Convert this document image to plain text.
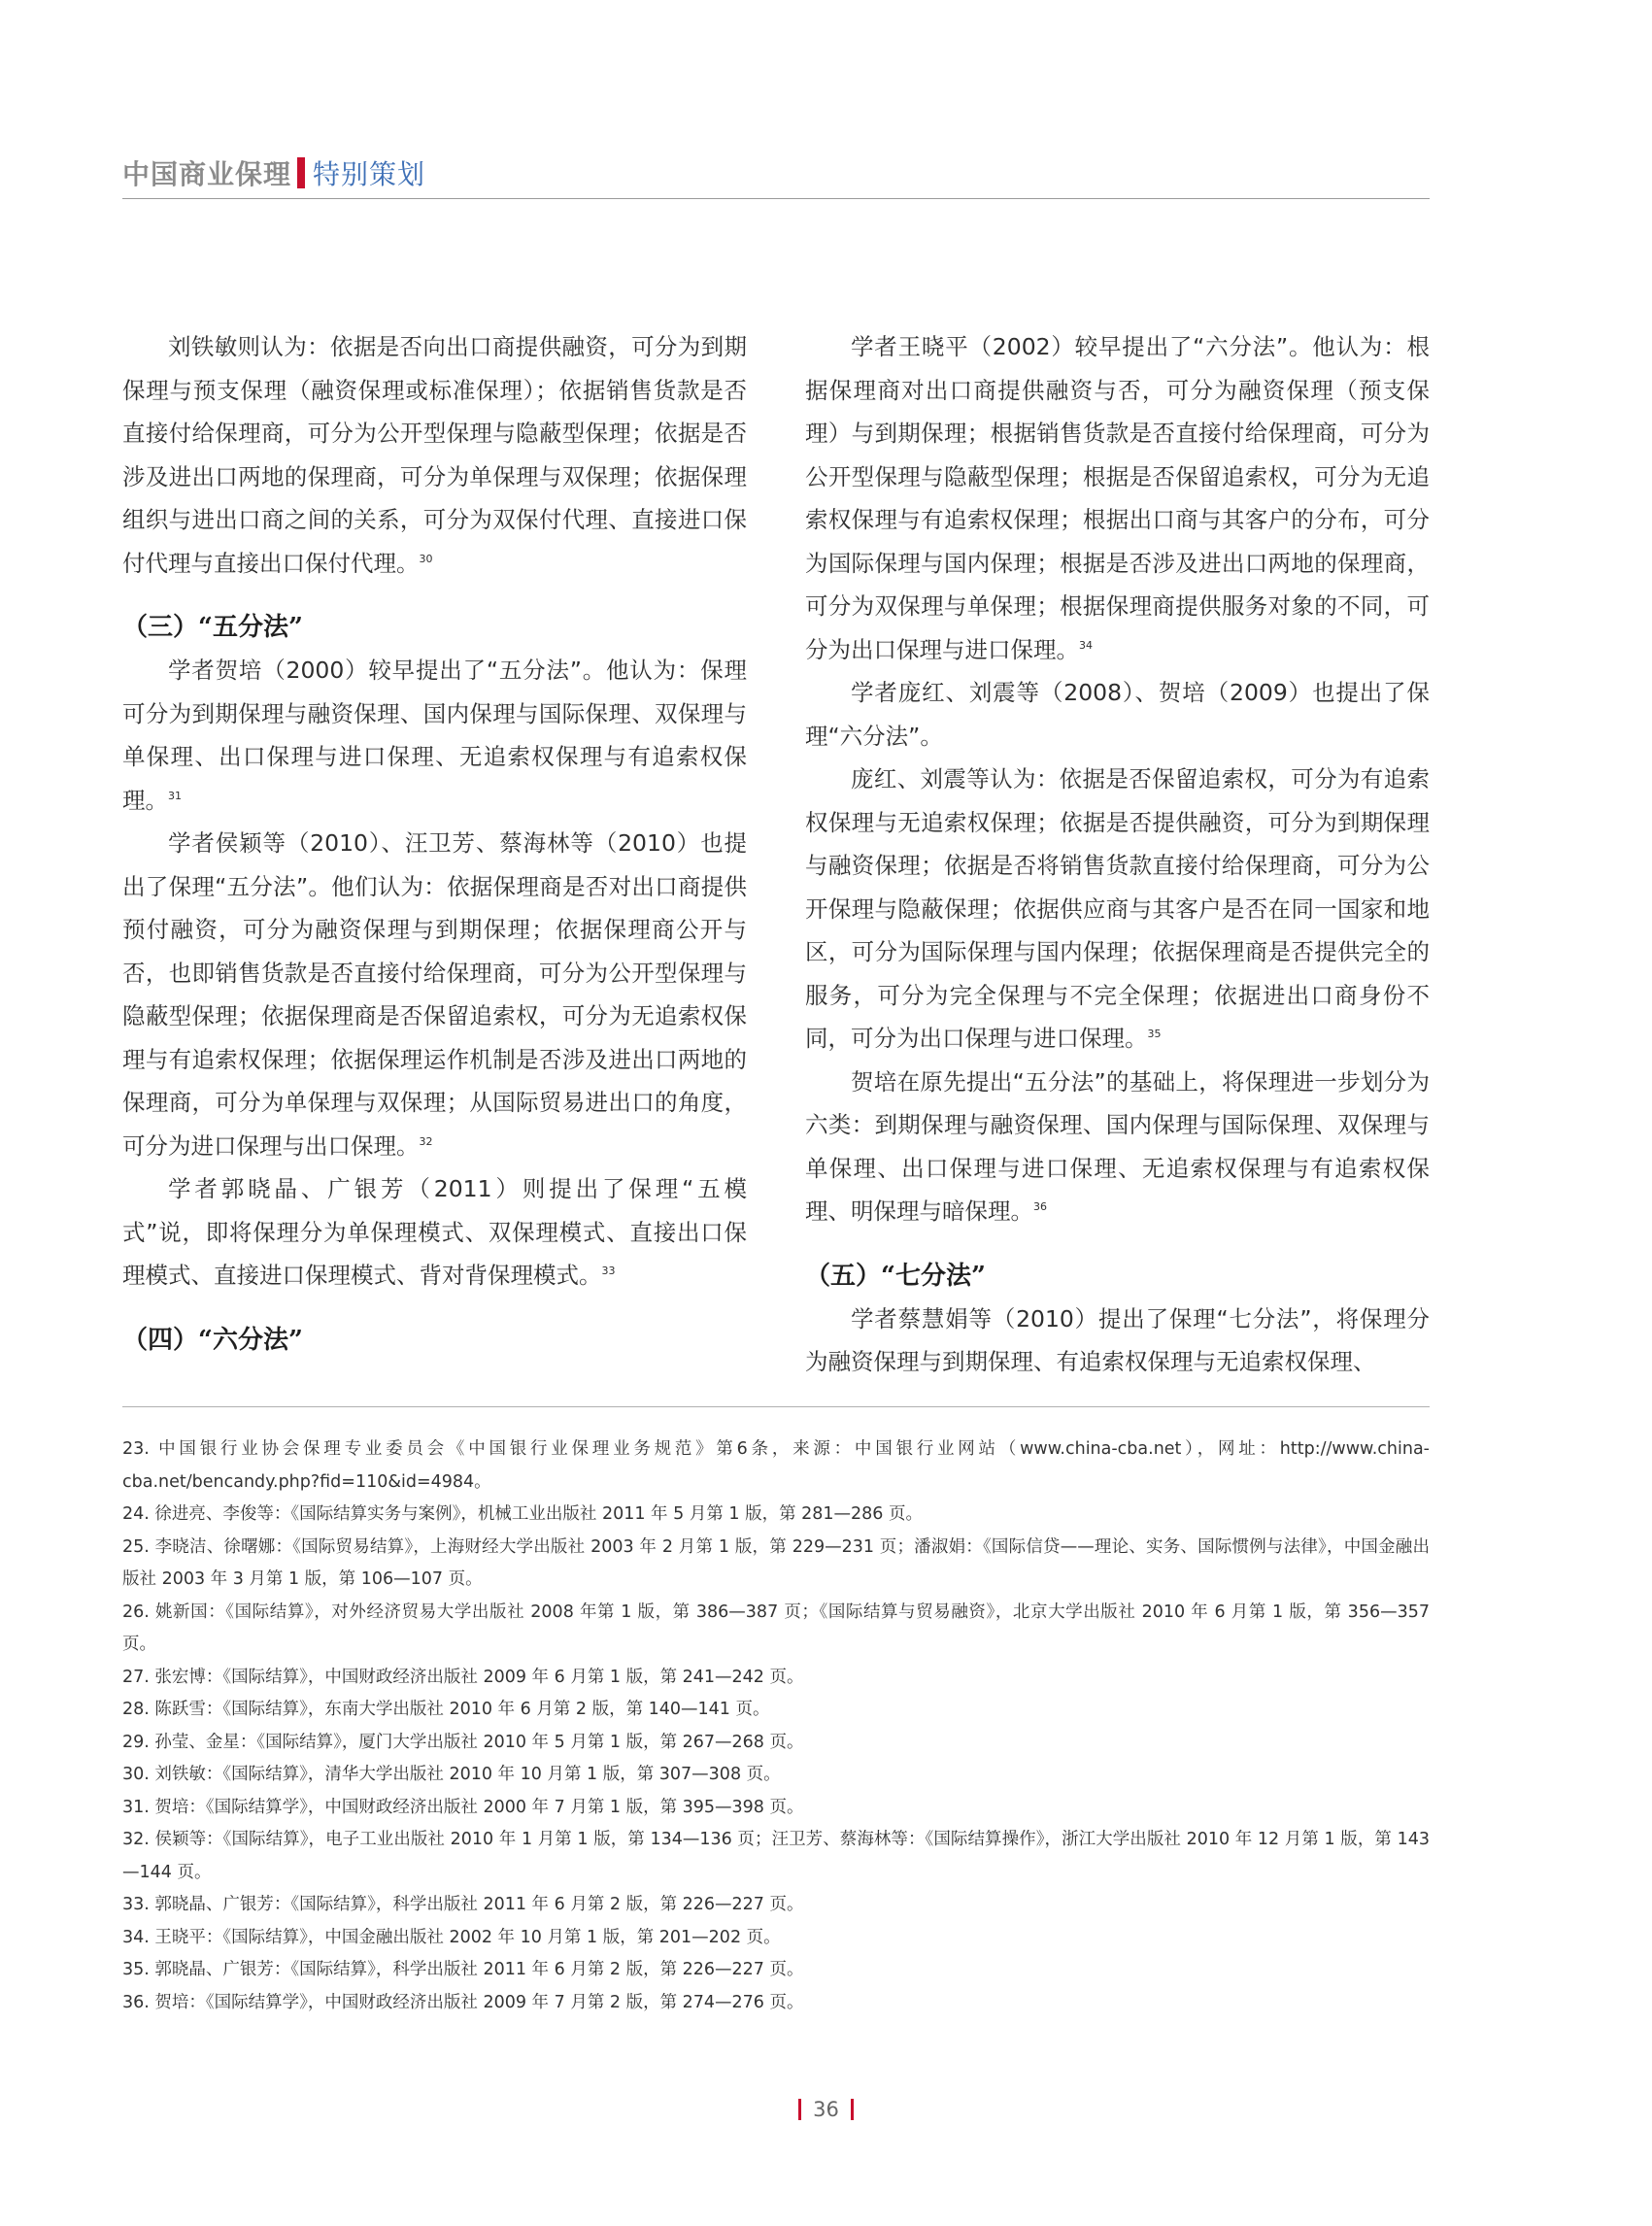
中国商业保理 特别策划

刘铁敏则认为：依据是否向出口商提供融资，可分为到期保理与预支保理（融资保理或标准保理）；依据销售货款是否直接付给保理商，可分为公开型保理与隐蔽型保理；依据是否涉及进出口两地的保理商，可分为单保理与双保理；依据保理组织与进出口商之间的关系，可分为双保付代理、直接进口保付代理与直接出口保付代理。$^{30}$

（三）“五分法”

学者贺培（2000）较早提出了“五分法”。他认为：保理可分为到期保理与融资保理、国内保理与国际保理、双保理与单保理、出口保理与进口保理、无追索权保理与有追索权保理。$^{31}$

学者侯颖等（2010）、汪卫芳、蔡海林等（2010）也提出了保理“五分法”。他们认为：依据保理商是否对出口商提供预付融资，可分为融资保理与到期保理；依据保理商公开与否，也即销售货款是否直接付给保理商，可分为公开型保理与隐蔽型保理；依据保理商是否保留追索权，可分为无追索权保理与有追索权保理；依据保理运作机制是否涉及进出口两地的保理商，可分为单保理与双保理；从国际贸易进出口的角度，可分为进口保理与出口保理。$^{32}$

学者郭晓晶、广银芳（2011）则提出了保理“五模式”说，即将保理分为单保理模式、双保理模式、直接出口保理模式、直接进口保理模式、背对背保理模式。$^{33}$

（四）“六分法”

学者王晓平（2002）较早提出了“六分法”。他认为：根据保理商对出口商提供融资与否，可分为融资保理（预支保理）与到期保理；根据销售货款是否直接付给保理商，可分为公开型保理与隐蔽型保理；根据是否保留追索权，可分为无追索权保理与有追索权保理；根据出口商与其客户的分布，可分为国际保理与国内保理；根据是否涉及进出口两地的保理商，可分为双保理与单保理；根据保理商提供服务对象的不同，可分为出口保理与进口保理。$^{34}$

学者庞红、刘震等（2008）、贺培（2009）也提出了保理“六分法”。

庞红、刘震等认为：依据是否保留追索权，可分为有追索权保理与无追索权保理；依据是否提供融资，可分为到期保理与融资保理；依据是否将销售货款直接付给保理商，可分为公开保理与隐蔽保理；依据供应商与其客户是否在同一国家和地区，可分为国际保理与国内保理；依据保理商是否提供完全的服务，可分为完全保理与不完全保理；依据进出口商身份不同，可分为出口保理与进口保理。$^{35}$

贺培在原先提出“五分法”的基础上，将保理进一步划分为六类：到期保理与融资保理、国内保理与国际保理、双保理与单保理、出口保理与进口保理、无追索权保理与有追索权保理、明保理与暗保理。$^{36}$

（五）“七分法”

学者蔡慧娟等（2010）提出了保理“七分法”，将保理分为融资保理与到期保理、有追索权保理与无追索权保理、

23. 中国银行业协会保理专业委员会《中国银行业保理业务规范》第6条，来源：中国银行业网站（www.china-cba.net），网址：http://www.china-cba.net/bencandy.php?fid=110&id=4984。

24. 徐进亮、李俊等：《国际结算实务与案例》，机械工业出版社 2011 年 5 月第 1 版，第 281—286 页。

25. 李晓洁、徐曙娜：《国际贸易结算》，上海财经大学出版社 2003 年 2 月第 1 版，第 229—231 页；潘淑娟：《国际信贷——理论、实务、国际惯例与法律》，中国金融出版社 2003 年 3 月第 1 版，第 106—107 页。

26. 姚新国：《国际结算》，对外经济贸易大学出版社 2008 年第 1 版，第 386—387 页；《国际结算与贸易融资》，北京大学出版社 2010 年 6 月第 1 版，第 356—357 页。

27. 张宏博：《国际结算》，中国财政经济出版社 2009 年 6 月第 1 版，第 241—242 页。

28. 陈跃雪：《国际结算》，东南大学出版社 2010 年 6 月第 2 版，第 140—141 页。

29. 孙莹、金星：《国际结算》，厦门大学出版社 2010 年 5 月第 1 版，第 267—268 页。

30. 刘铁敏：《国际结算》，清华大学出版社 2010 年 10 月第 1 版，第 307—308 页。

31. 贺培：《国际结算学》，中国财政经济出版社 2000 年 7 月第 1 版，第 395—398 页。

32. 侯颖等：《国际结算》，电子工业出版社 2010 年 1 月第 1 版，第 134—136 页；汪卫芳、蔡海林等：《国际结算操作》，浙江大学出版社 2010 年 12 月第 1 版，第 143—144 页。

33. 郭晓晶、广银芳：《国际结算》，科学出版社 2011 年 6 月第 2 版，第 226—227 页。

34. 王晓平：《国际结算》，中国金融出版社 2002 年 10 月第 1 版，第 201—202 页。

35. 郭晓晶、广银芳：《国际结算》，科学出版社 2011 年 6 月第 2 版，第 226—227 页。

36. 贺培：《国际结算学》，中国财政经济出版社 2009 年 7 月第 2 版，第 274—276 页。

36
